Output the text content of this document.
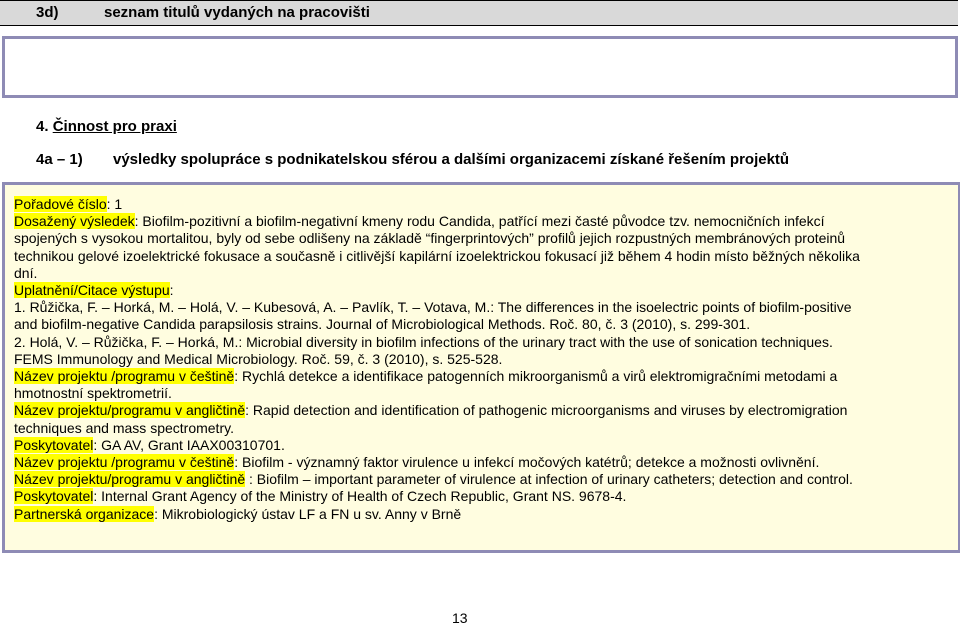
3d)	seznam titulů vydaných na pracovišti
4. Činnost pro praxi
4a – 1) výsledky spolupráce s podnikatelskou sférou a dalšími organizacemi získané řešením projektů
Pořadové číslo: 1
Dosažený výsledek: Biofilm-pozitivní a biofilm-negativní kmeny rodu Candida, patřící mezi časté původce tzv. nemocničních infekcí
spojených s vysokou mortalitou, byly od sebe odlišeny na základě “fingerprintových” profilů jejich rozpustných membránových proteinů
technikou gelové izoelektrické fokusace a současně i citlivější kapilární izoelektrickou fokusací již během 4 hodin místo běžných několika
dní.
Uplatnění/Citace výstupu:
1. Růžička, F. – Horká, M. – Holá, V. – Kubesová, A. – Pavlík, T. – Votava, M.: The differences in the isoelectric points of biofilm-positive
and biofilm-negative Candida parapsilosis strains. Journal of Microbiological Methods. Roč. 80, č. 3 (2010), s. 299-301.
2. Holá, V. – Růžička, F. – Horká, M.: Microbial diversity in biofilm infections of the urinary tract with the use of sonication techniques.
FEMS Immunology and Medical Microbiology. Roč. 59, č. 3 (2010), s. 525-528.
Název projektu /programu v češtině: Rychlá detekce a identifikace patogenních mikroorganismů a virů elektromigračními metodami a
hmotnostní spektrometrií.
Název projektu/programu v angličtině: Rapid detection and identification of pathogenic microorganisms and viruses by electromigration
techniques and mass spectrometry.
Poskytovatel: GA AV, Grant IAAX00310701.
Název projektu /programu v češtině: Biofilm - významný faktor virulence u infekcí močových katétrů; detekce a možnosti ovlivnění.
Název projektu/programu v angličtině : Biofilm – important parameter of virulence at infection of urinary catheters; detection and control.
Poskytovatel: Internal Grant Agency of the Ministry of Health of Czech Republic, Grant NS. 9678-4.
Partnerská organizace: Mikrobiologický ústav LF a FN u sv. Anny v Brně
13
